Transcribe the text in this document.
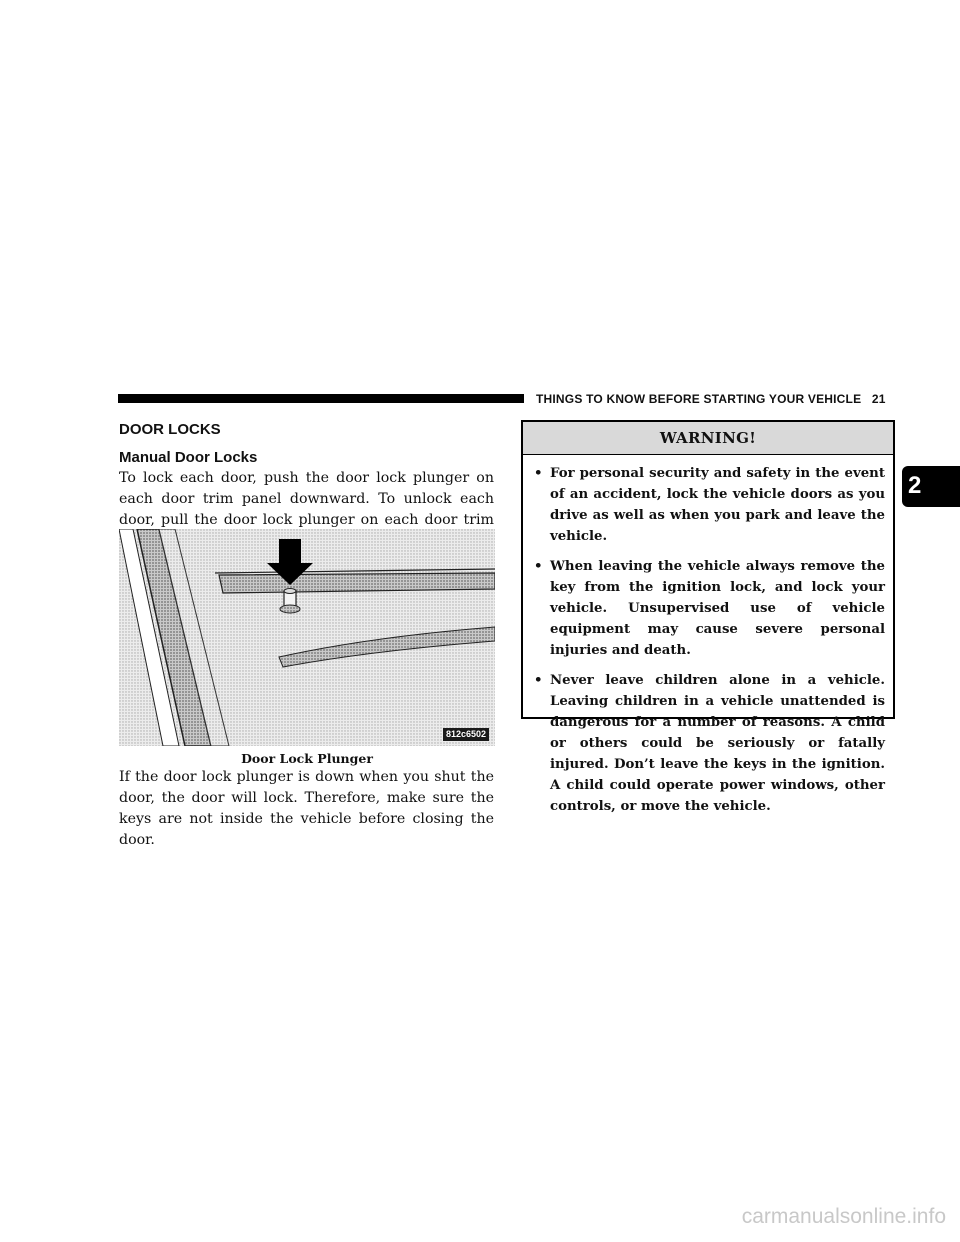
THINGS TO KNOW BEFORE STARTING YOUR VEHICLE 21
DOOR LOCKS
Manual Door Locks

To lock each door, push the door lock plunger on each door trim panel downward. To unlock each door, pull the door lock plunger on each door trim

812c6502
Door Lock Plunger

If the door lock plunger is down when you shut the door, the door will lock. Therefore, make sure the keys are not inside the vehicle before closing the door.

WARNING!
• For personal security and safety in the event of an accident, lock the vehicle doors as you drive as well as when you park and leave the vehicle.
• When leaving the vehicle always remove the key from the ignition lock, and lock your vehicle. Unsupervised use of vehicle equipment may cause severe personal injuries and death.
• Never leave children alone in a vehicle. Leaving children in a vehicle unattended is dangerous for a number of reasons. A child or others could be seriously or fatally injured. Don’t leave the keys in the ignition. A child could operate power windows, other controls, or move the vehicle.
2
carmanualsonline.info
